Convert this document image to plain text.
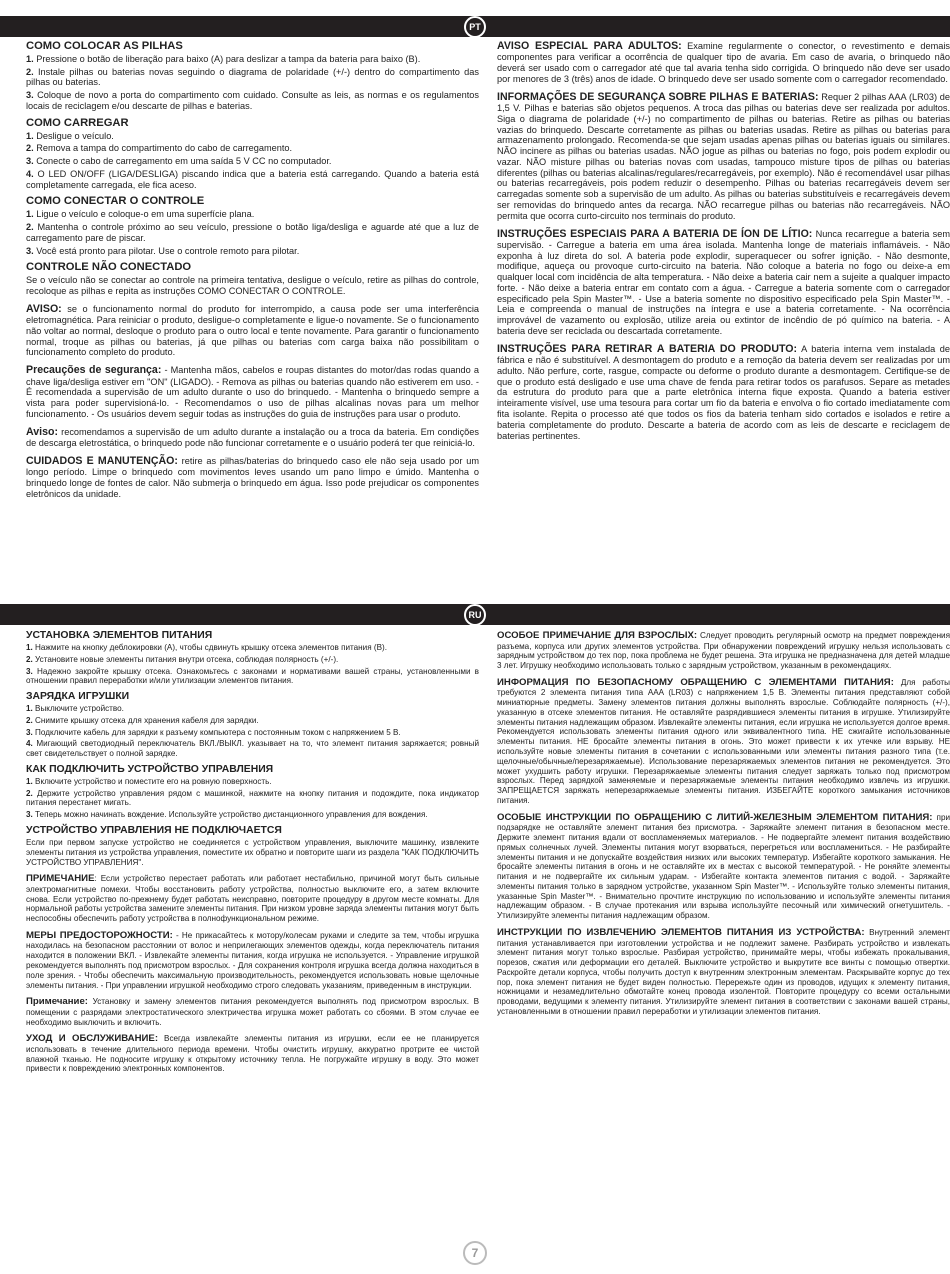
PT
COMO COLOCAR AS PILHAS

1. Pressione o botão de liberação para baixo (A) para deslizar a tampa da bateria para baixo (B).

2. Instale pilhas ou baterias novas seguindo o diagrama de polaridade (+/-) dentro do compartimento das pilhas ou baterias.

3. Coloque de novo a porta do compartimento com cuidado. Consulte as leis, as normas e os regulamentos locais de reciclagem e/ou descarte de pilhas e baterias.

COMO CARREGAR

1. Desligue o veículo.

2. Remova a tampa do compartimento do cabo de carregamento.

3. Conecte o cabo de carregamento em uma saída 5 V CC no computador.

4. O LED ON/OFF (LIGA/DESLIGA) piscando indica que a bateria está carregando. Quando a bateria está completamente carregada, ele fica aceso.

COMO CONECTAR O CONTROLE

1. Ligue o veículo e coloque-o em uma superfície plana.

2. Mantenha o controle próximo ao seu veículo, pressione o botão liga/desliga e aguarde até que a luz de carregamento pare de piscar.

3. Você está pronto para pilotar. Use o controle remoto para pilotar.

CONTROLE NÃO CONECTADO

Se o veículo não se conectar ao controle na primeira tentativa, desligue o veículo, retire as pilhas do controle, recoloque as pilhas e repita as instruções COMO CONECTAR O CONTROLE.

AVISO: se o funcionamento normal do produto for interrompido, a causa pode ser uma interferência eletromagnética. Para reiniciar o produto, desligue-o completamente e ligue-o novamente. Se o funcionamento não voltar ao normal, desloque o produto para o outro local e tente novamente. Para garantir o funcionamento normal, troque as pilhas ou baterias, já que pilhas ou baterias com carga baixa não possibilitam o funcionamento completo do produto.

Precauções de segurança: - Mantenha mãos, cabelos e roupas distantes do motor/das rodas quando a chave liga/desliga estiver em "ON" (LIGADO). - Remova as pilhas ou baterias quando não estiverem em uso. - É recomendada a supervisão de um adulto durante o uso do brinquedo. - Mantenha o brinquedo sempre a vista para poder supervisioná-lo. - Recomendamos o uso de pilhas alcalinas novas para um melhor funcionamento. - Os usuários devem seguir todas as instruções do guia de instruções para usar o produto.

Aviso: recomendamos a supervisão de um adulto durante a instalação ou a troca da bateria. Em condições de descarga eletrostática, o brinquedo pode não funcionar corretamente e o usuário poderá ter que reiniciá-lo.

CUIDADOS E MANUTENÇÃO: retire as pilhas/baterias do brinquedo caso ele não seja usado por um longo período. Limpe o brinquedo com movimentos leves usando um pano limpo e úmido. Mantenha o brinquedo longe de fontes de calor. Não submerja o brinquedo em água. Isso pode prejudicar os componentes eletrônicos da unidade.

AVISO ESPECIAL PARA ADULTOS: Examine regularmente o conector, o revestimento e demais componentes para verificar a ocorrência de qualquer tipo de avaria. Em caso de avaria, o brinquedo não deverá ser usado com o carregador até que tal avaria tenha sido corrigida. O brinquedo não deve ser usado por menores de 3 (três) anos de idade. O brinquedo deve ser usado somente com o carregador recomendado.

INFORMAÇÕES DE SEGURANÇA SOBRE PILHAS E BATERIAS: Requer 2 pilhas AAA (LR03) de 1,5 V. Pilhas e baterias são objetos pequenos. A troca das pilhas ou baterias deve ser realizada por adultos. Siga o diagrama de polaridade (+/-) no compartimento de pilhas ou baterias. Retire as pilhas ou baterias vazias do brinquedo. Descarte corretamente as pilhas ou baterias usadas. Retire as pilhas ou baterias para armazenamento prolongado. Recomenda-se que sejam usadas apenas pilhas ou baterias iguais ou similares. NÃO incinere as pilhas ou baterias usadas. NÃO jogue as pilhas ou baterias no fogo, pois podem explodir ou vazar. NÃO misture pilhas ou baterias novas com usadas, tampouco misture tipos de pilhas ou baterias diferentes (pilhas ou baterias alcalinas/regulares/recarregáveis, por exemplo). Não é recomendável usar pilhas ou baterias recarregáveis, pois podem reduzir o desempenho. Pilhas ou baterias recarregáveis devem ser carregadas somente sob a supervisão de um adulto. As pilhas ou baterias substituíveis e recarregáveis devem ser removidas do brinquedo antes da recarga. NÃO recarregue pilhas ou baterias não recarregáveis. NÃO permita que ocorra curto-circuito nos terminais do produto.

INSTRUÇÕES ESPECIAIS PARA A BATERIA DE ÍON DE LÍTIO: Nunca recarregue a bateria sem supervisão. - Carregue a bateria em uma área isolada. Mantenha longe de materiais inflamáveis. - Não exponha à luz direta do sol. A bateria pode explodir, superaquecer ou sofrer ignição. - Não desmonte, modifique, aqueça ou provoque curto-circuito na bateria. Não coloque a bateria no fogo ou deixe-a em qualquer local com incidência de alta temperatura. - Não deixe a bateria cair nem a sujeite a qualquer impacto forte. - Não deixe a bateria entrar em contato com a água. - Carregue a bateria somente com o carregador especificado pela Spin Master™. - Use a bateria somente no dispositivo especificado pela Spin Master™. - Leia e compreenda o manual de instruções na íntegra e use a bateria corretamente. - Na ocorrência improvável de vazamento ou explosão, utilize areia ou extintor de incêndio de pó químico na bateria. - A bateria deve ser reciclada ou descartada corretamente.

INSTRUÇÕES PARA RETIRAR A BATERIA DO PRODUTO: A bateria interna vem instalada de fábrica e não é substituível. A desmontagem do produto e a remoção da bateria devem ser realizadas por um adulto. Não perfure, corte, rasgue, compacte ou deforme o produto durante a desmontagem. Certifique-se de que o produto está desligado e use uma chave de fenda para retirar todos os parafusos. Separe as metades da estrutura do produto para que a parte eletrônica interna fique exposta. Quando a bateria estiver inteiramente visível, use uma tesoura para cortar um fio da bateria e envolva o fio cortado imediatamente com fita isolante. Repita o processo até que todos os fios da bateria tenham sido cortados e isolados e retire a bateria completamente do produto. Descarte a bateria de acordo com as leis de descarte e reciclagem de baterias pertinentes.

RU
УСТАНОВКА ЭЛЕМЕНТОВ ПИТАНИЯ

1. Нажмите на кнопку деблокировки (А), чтобы сдвинуть крышку отсека элементов питания (В).

2. Установите новые элементы питания внутри отсека, соблюдая полярность (+/-).

3. Надежно закройте крышку отсека. Ознакомьтесь с законами и нормативами вашей страны, установленными в отношении правил переработки и/или утилизации элементов питания.

ЗАРЯДКА ИГРУШКИ

1. Выключите устройство.

2. Снимите крышку отсека для хранения кабеля для зарядки.

3. Подключите кабель для зарядки к разъему компьютера с постоянным током с напряжением 5 В.

4. Мигающий светодиодный переключатель ВКЛ./ВЫКЛ. указывает на то, что элемент питания заряжается; ровный свет свидетельствует о полной зарядке.

КАК ПОДКЛЮЧИТЬ УСТРОЙСТВО УПРАВЛЕНИЯ

1. Включите устройство и поместите его на ровную поверхность.

2. Держите устройство управления рядом с машинкой, нажмите на кнопку питания и подождите, пока индикатор питания перестанет мигать.

3. Теперь можно начинать вождение. Используйте устройство дистанционного управления для вождения.

УСТРОЙСТВО УПРАВЛЕНИЯ НЕ ПОДКЛЮЧАЕТСЯ

Если при первом запуске устройство не соединяется с устройством управления, выключите машинку, извлеките элементы питания из устройства управления, поместите их обратно и повторите шаги из раздела "КАК ПОДКЛЮЧИТЬ УСТРОЙСТВО УПРАВЛЕНИЯ".

ПРИМЕЧАНИЕ: Если устройство перестает работать или работает нестабильно, причиной могут быть сильные электромагнитные помехи. Чтобы восстановить работу устройства, полностью выключите его, а затем включите снова. Если устройство по-прежнему будет работать неисправно, повторите процедуру в другом месте комнаты. Для нормальной работы устройства замените элементы питания. При низком уровне заряда элементы питания могут быть неспособны обеспечить работу устройства в полнофункциональном режиме.

МЕРЫ ПРЕДОСТОРОЖНОСТИ: - Не прикасайтесь к мотору/колесам руками и следите за тем, чтобы игрушка находилась на безопасном расстоянии от волос и неприлегающих элементов одежды, когда переключатель питания находится в положении ВКЛ. - Извлекайте элементы питания, когда игрушка не используется. - Управление игрушкой рекомендуется выполнять под присмотром взрослых. - Для сохранения контроля игрушка всегда должна находиться в поле зрения. - Чтобы обеспечить максимальную производительность, рекомендуется использовать новые щелочные элементы питания. - При управлении игрушкой необходимо строго следовать указаниям, приведенным в инструкции.

Примечание: Установку и замену элементов питания рекомендуется выполнять под присмотром взрослых. В помещении с разрядами электростатического электричества игрушка может работать со сбоями. В этом случае ее необходимо выключить и включить.

УХОД И ОБСЛУЖИВАНИЕ: Всегда извлекайте элементы питания из игрушки, если ее не планируется использовать в течение длительного периода времени. Чтобы очистить игрушку, аккуратно протрите ее чистой влажной тканью. Не подносите игрушку к открытому источнику тепла. Не погружайте игрушку в воду. Это может привести к повреждению электронных компонентов.

ОСОБОЕ ПРИМЕЧАНИЕ ДЛЯ ВЗРОСЛЫХ: Следует проводить регулярный осмотр на предмет повреждения разъема, корпуса или других элементов устройства. При обнаружении повреждений игрушку нельзя использовать с зарядным устройством до тех пор, пока проблема не будет решена. Эта игрушка не предназначена для детей младше 3 лет. Игрушку необходимо использовать только с зарядным устройством, указанным в рекомендациях.

ИНФОРМАЦИЯ ПО БЕЗОПАСНОМУ ОБРАЩЕНИЮ С ЭЛЕМЕНТАМИ ПИТАНИЯ: Для работы требуются 2 элемента питания типа AAA (LR03) с напряжением 1,5 В. Элементы питания представляют собой миниатюрные предметы. Замену элементов питания должны выполнять взрослые. Соблюдайте полярность (+/-), указанную в отсеке элементов питания. Не оставляйте разрядившиеся элементы питания в игрушке. Утилизируйте элементы питания надлежащим образом. Извлекайте элементы питания, если игрушка не используется долгое время. Рекомендуется использовать элементы питания одного или эквивалентного типа. НЕ сжигайте использованные элементы питания. НЕ бросайте элементы питания в огонь. Это может привести к их утечке или взрыву. НЕ используйте новые элементы питания в сочетании с использованными или элементы питания разного типа (т.е. щелочные/обычные/перезаряжаемые). Использование перезаряжаемых элементов питания не рекомендуется. Это может ухудшить работу игрушки. Перезаряжаемые элементы питания следует заряжать только под присмотром взрослых. Перед зарядкой заменяемые и перезаряжаемые элементы питания необходимо извлечь из игрушки. ЗАПРЕЩАЕТСЯ заряжать неперезаряжаемые элементы питания. ИЗБЕГАЙТЕ короткого замыкания источников питания.

ОСОБЫЕ ИНСТРУКЦИИ ПО ОБРАЩЕНИЮ С ЛИТИЙ-ЖЕЛЕЗНЫМ ЭЛЕМЕНТОМ ПИТАНИЯ: при подзарядке не оставляйте элемент питания без присмотра. - Заряжайте элемент питания в безопасном месте. Держите элемент питания вдали от воспламеняемых материалов. - Не подвергайте элемент питания воздействию прямых солнечных лучей. Элементы питания могут взорваться, перегреться или воспламениться. - Не разбирайте элементы питания и не допускайте воздействия низких или высоких температур. Избегайте короткого замыкания. Не бросайте элементы питания в огонь и не оставляйте их в местах с высокой температурой. - Не роняйте элементы питания и не подвергайте их сильным ударам. - Избегайте контакта элементов питания с водой. - Заряжайте элементы питания только в зарядном устройстве, указанном Spin Master™. - Используйте только элементы питания, указанные Spin Master™. - Внимательно прочтите инструкцию по использованию и используйте элементы питания надлежащим образом. - В случае протекания или взрыва используйте песочный или химический огнетушитель. - Утилизируйте элементы питания надлежащим образом.

ИНСТРУКЦИИ ПО ИЗВЛЕЧЕНИЮ ЭЛЕМЕНТОВ ПИТАНИЯ ИЗ УСТРОЙСТВА: Внутренний элемент питания устанавливается при изготовлении устройства и не подлежит замене. Разбирать устройство и извлекать элемент питания могут только взрослые. Разбирая устройство, принимайте меры, чтобы избежать прокалывания, порезов, сжатия или деформации его деталей. Выключите устройство и выкрутите все винты с помощью отвертки. Раскройте детали корпуса, чтобы получить доступ к внутренним электронным элементам. Раскрывайте корпус до тех пор, пока элемент питания не будет виден полностью. Перережьте один из проводов, идущих к элементу питания, ножницами и незамедлительно обмотайте конец провода изолентой. Повторите процедуру со всеми остальными проводами, ведущими к элементу питания. Утилизируйте элемент питания в соответствии с законами вашей страны, установленными в отношении правил переработки и утилизации элементов питания.

7
